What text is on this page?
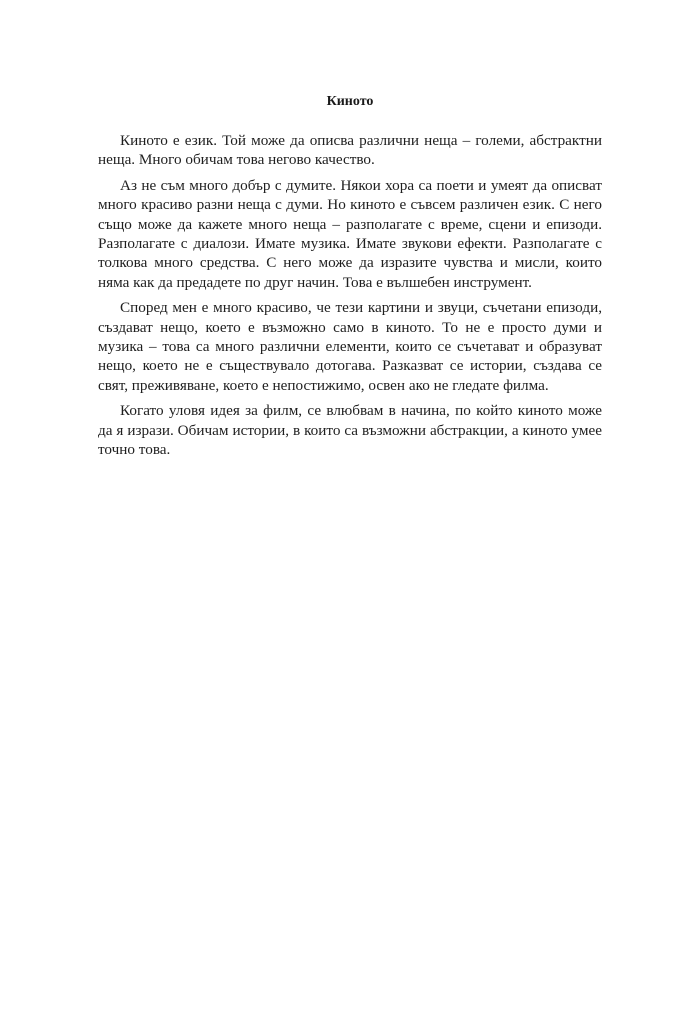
Киното

Киното е език. Той може да описва различни неща – големи, абстрактни неща. Много обичам това негово качество.

Аз не съм много добър с думите. Някои хора са поети и умеят да описват много красиво разни неща с думи. Но киното е съвсем различен език. С него също може да кажете много неща – разполагате с време, сцени и епизоди. Разполагате с диалози. Имате музика. Имате звукови ефекти. Разполагате с толкова много средства. С него може да изразите чувства и мисли, които няма как да предадете по друг начин. Това е вълшебен инструмент.

Според мен е много красиво, че тези картини и звуци, съчетани епизоди, създават нещо, което е възможно само в киното. То не е просто думи и музика – това са много различни елементи, които се съчетават и образуват нещо, което не е съществувало дотогава. Разказват се истории, създава се свят, преживяване, което е непостижимо, освен ако не гледате филма.

Когато уловя идея за филм, се влюбвам в начина, по който киното може да я изрази. Обичам истории, в които са възможни абстракции, а киното умее точно това.
